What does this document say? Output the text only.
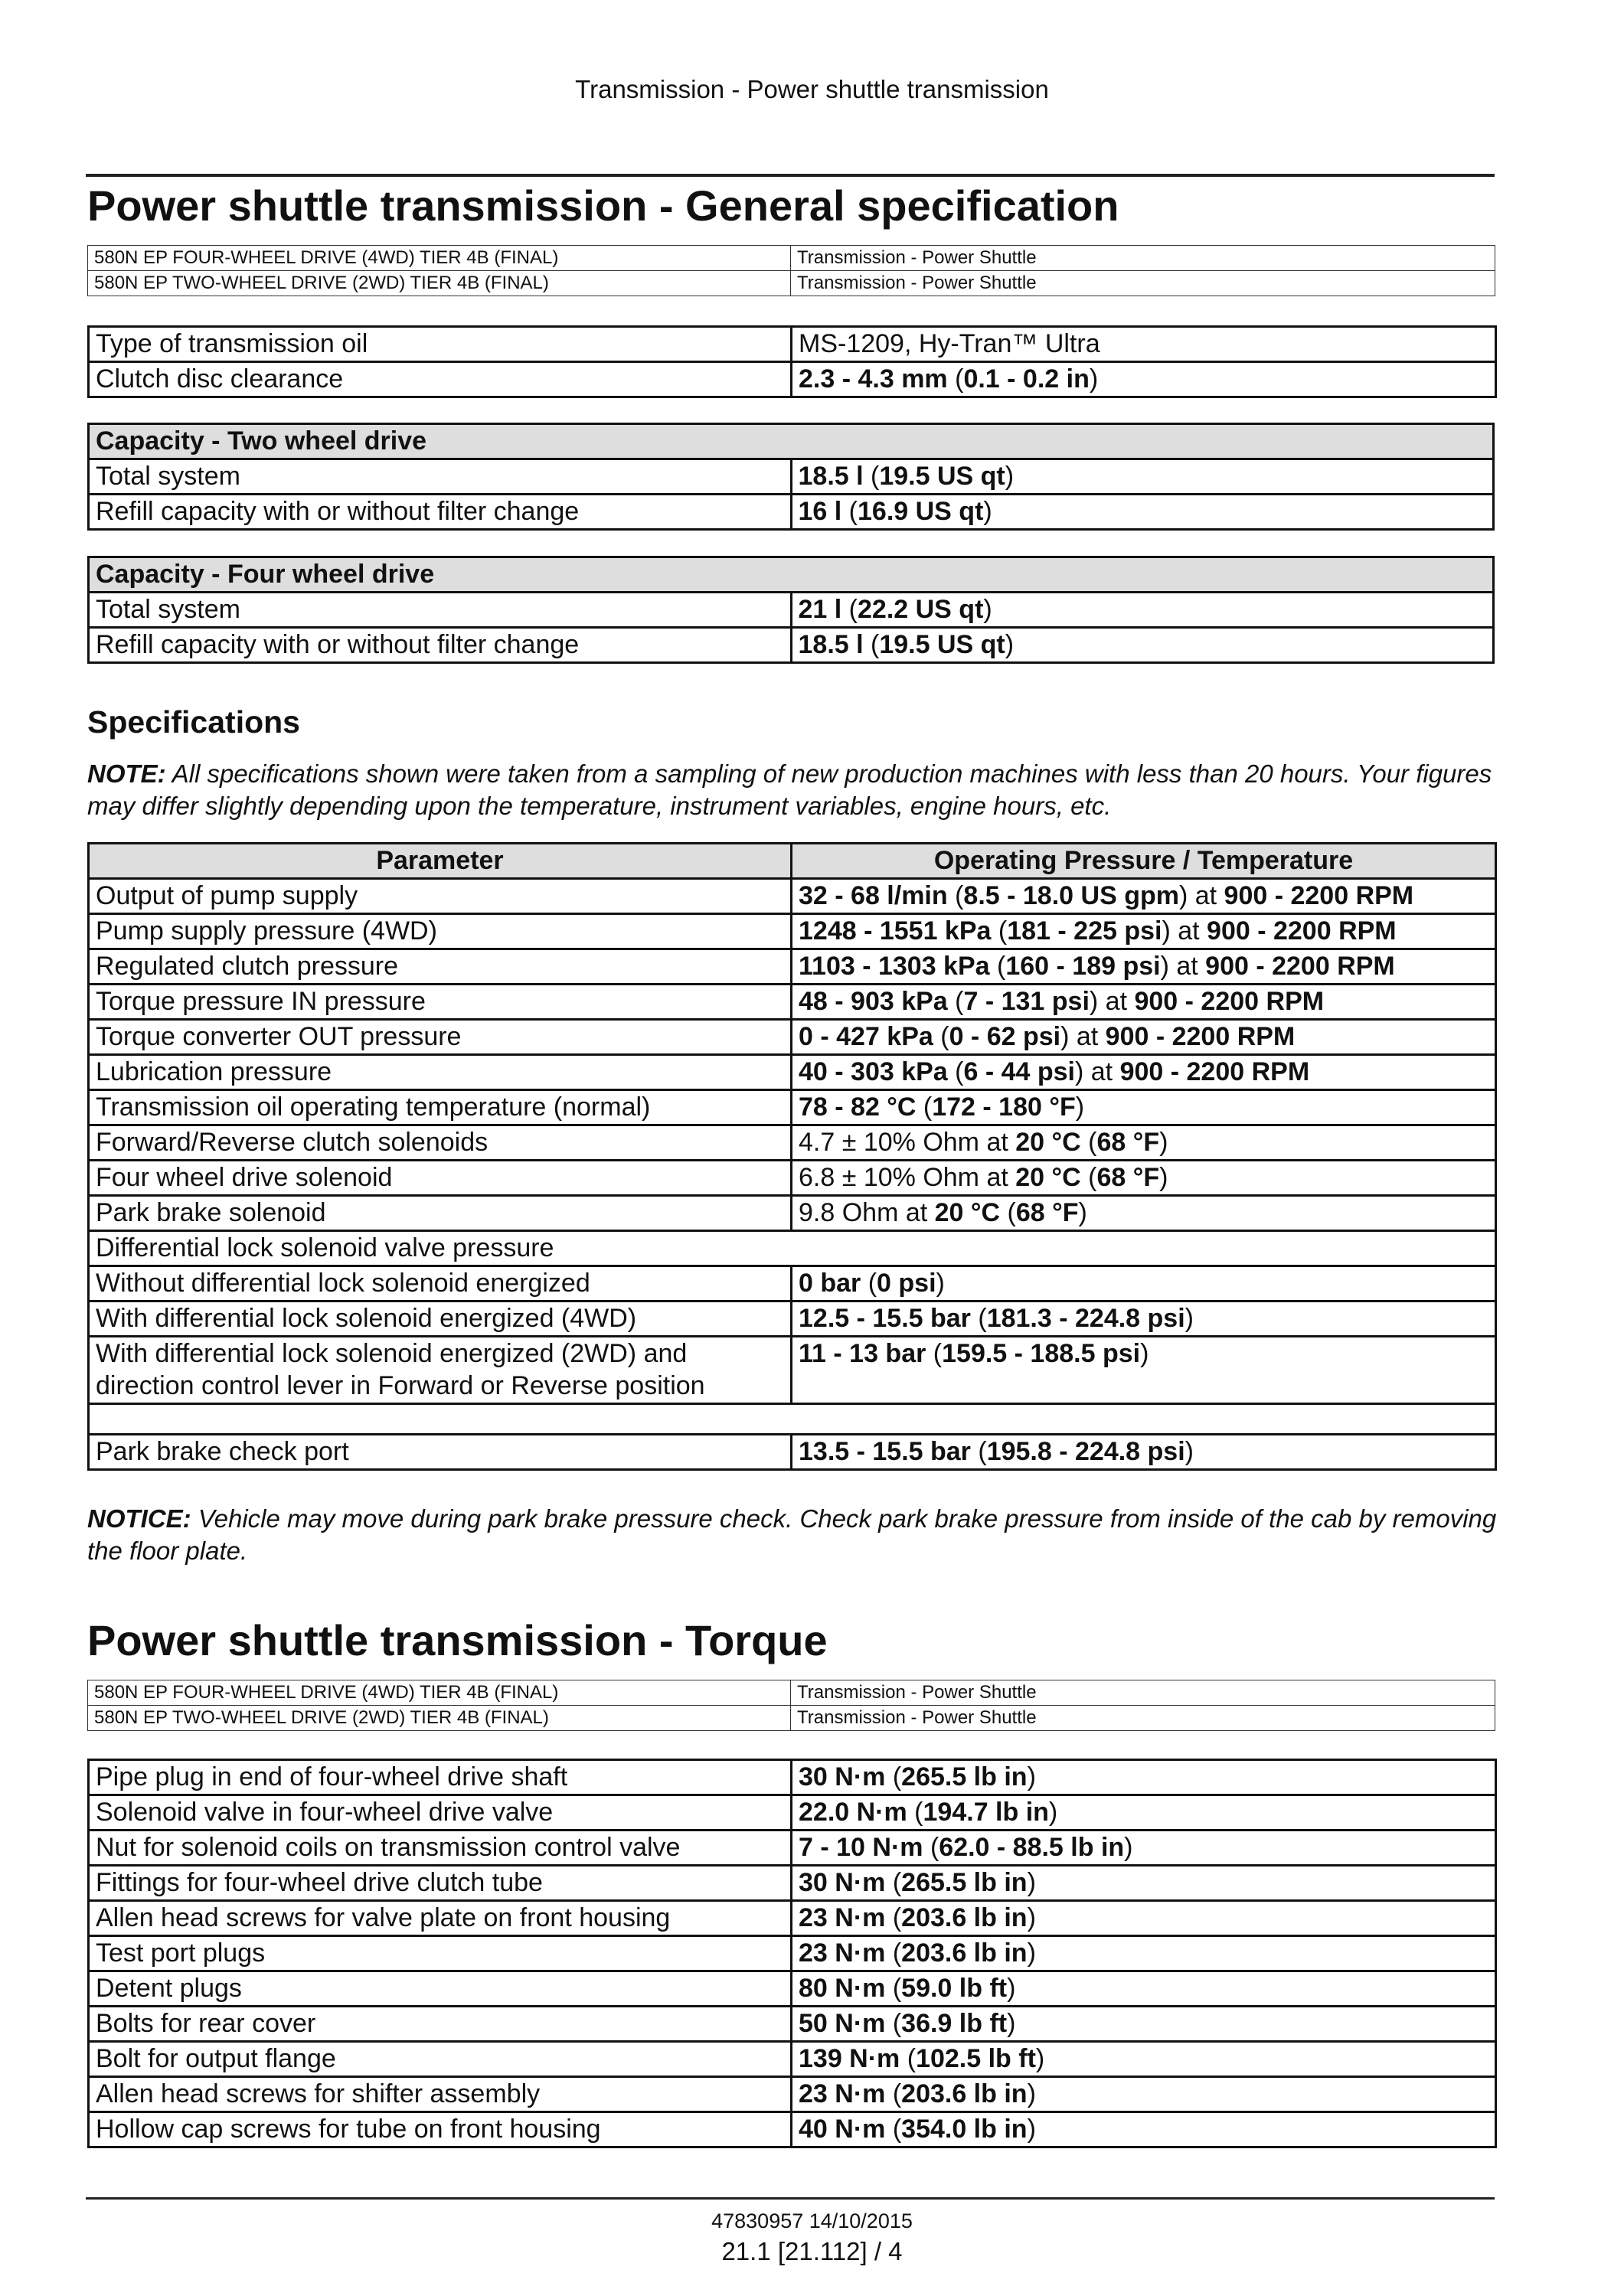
Transmission - Power shuttle transmission
Power shuttle transmission - General specification
580N EP FOUR-WHEEL DRIVE (4WD) TIER 4B (FINAL)	Transmission - Power Shuttle
580N EP TWO-WHEEL DRIVE (2WD) TIER 4B (FINAL)	Transmission - Power Shuttle
Type of transmission oil	MS-1209, Hy-Tran™ Ultra
Clutch disc clearance	2.3 - 4.3 mm (0.1 - 0.2 in)
Capacity - Two wheel drive	
Total system	18.5 l (19.5 US qt)
Refill capacity with or without filter change	16 l (16.9 US qt)
Capacity - Four wheel drive	
Total system	21 l (22.2 US qt)
Refill capacity with or without filter change	18.5 l (19.5 US qt)
Specifications
NOTE: All specifications shown were taken from a sampling of new production machines with less than 20 hours. Your figures may differ slightly depending upon the temperature, instrument variables, engine hours, etc.
Parameter	Operating Pressure / Temperature
Output of pump supply	32 - 68 l/min (8.5 - 18.0 US gpm) at 900 - 2200 RPM
Pump supply pressure (4WD)	1248 - 1551 kPa (181 - 225 psi) at 900 - 2200 RPM
Regulated clutch pressure	1103 - 1303 kPa (160 - 189 psi) at 900 - 2200 RPM
Torque pressure IN pressure	48 - 903 kPa (7 - 131 psi) at 900 - 2200 RPM
Torque converter OUT pressure	0 - 427 kPa (0 - 62 psi) at 900 - 2200 RPM
Lubrication pressure	40 - 303 kPa (6 - 44 psi) at 900 - 2200 RPM
Transmission oil operating temperature (normal)	78 - 82 °C (172 - 180 °F)
Forward/Reverse clutch solenoids	4.7 ± 10% Ohm at 20 °C (68 °F)
Four wheel drive solenoid	6.8 ± 10% Ohm at 20 °C (68 °F)
Park brake solenoid	9.8 Ohm at 20 °C (68 °F)
Differential lock solenoid valve pressure	
Without differential lock solenoid energized	0 bar (0 psi)
With differential lock solenoid energized (4WD)	12.5 - 15.5 bar (181.3 - 224.8 psi)
With differential lock solenoid energized (2WD) and direction control lever in Forward or Reverse position	11 - 13 bar (159.5 - 188.5 psi)

Park brake check port	13.5 - 15.5 bar (195.8 - 224.8 psi)
NOTICE: Vehicle may move during park brake pressure check. Check park brake pressure from inside of the cab by removing the floor plate.
Power shuttle transmission - Torque
580N EP FOUR-WHEEL DRIVE (4WD) TIER 4B (FINAL)	Transmission - Power Shuttle
580N EP TWO-WHEEL DRIVE (2WD) TIER 4B (FINAL)	Transmission - Power Shuttle
Pipe plug in end of four-wheel drive shaft	30 N·m (265.5 lb in)
Solenoid valve in four-wheel drive valve	22.0 N·m (194.7 lb in)
Nut for solenoid coils on transmission control valve	7 - 10 N·m (62.0 - 88.5 lb in)
Fittings for four-wheel drive clutch tube	30 N·m (265.5 lb in)
Allen head screws for valve plate on front housing	23 N·m (203.6 lb in)
Test port plugs	23 N·m (203.6 lb in)
Detent plugs	80 N·m (59.0 lb ft)
Bolts for rear cover	50 N·m (36.9 lb ft)
Bolt for output flange	139 N·m (102.5 lb ft)
Allen head screws for shifter assembly	23 N·m (203.6 lb in)
Hollow cap screws for tube on front housing	40 N·m (354.0 lb in)
47830957 14/10/2015
21.1 [21.112] / 4
